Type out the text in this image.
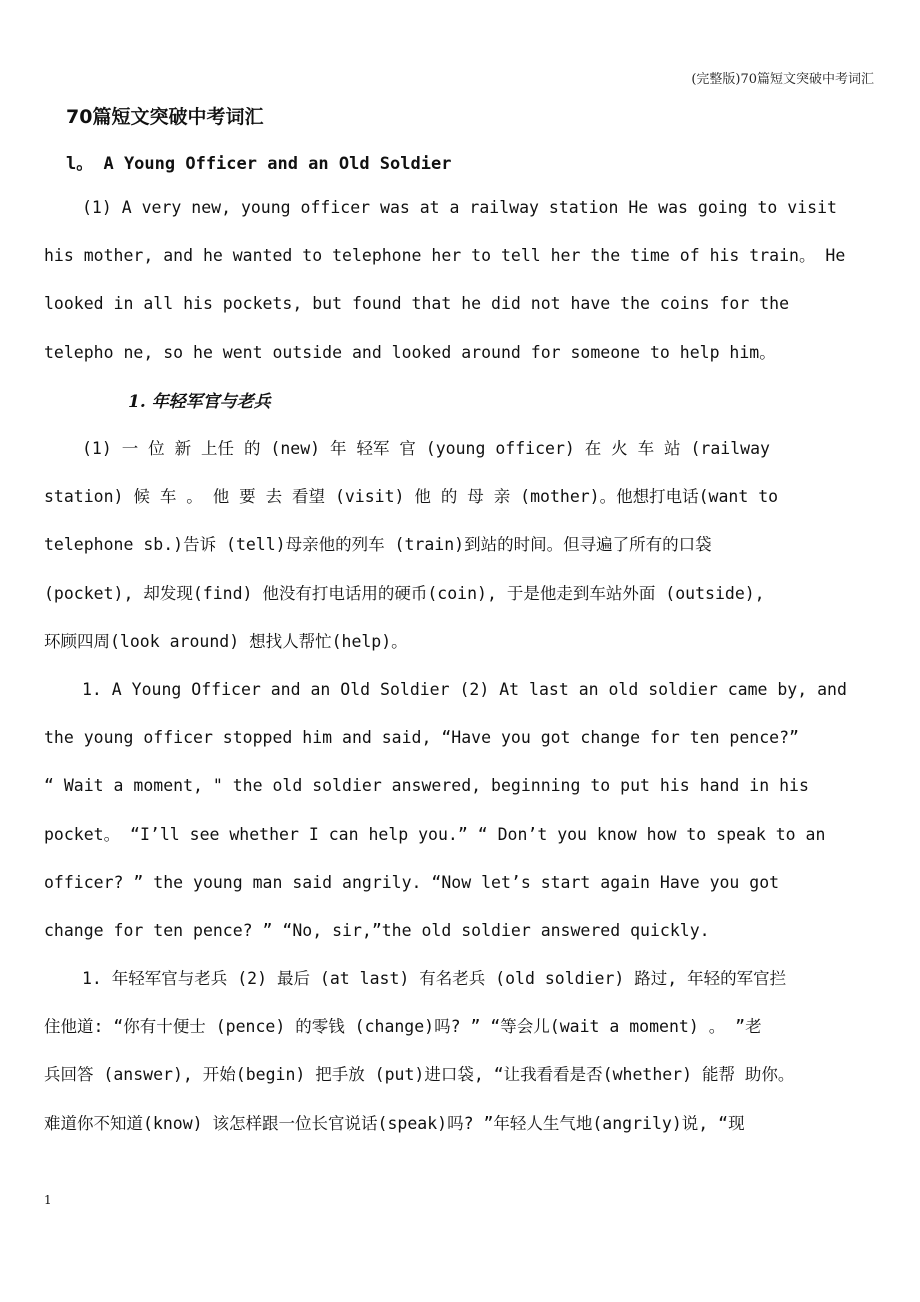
(完整版)70篇短文突破中考词汇
70篇短文突破中考词汇
l。 A Young Officer and an Old Soldier
(1) A very new, young officer was at a railway station He was going to visit
his mother, and he wanted to telephone her to tell her the time of his train。 He
looked in all his pockets, but found that he did not have the coins for the
telepho ne, so he went outside and looked around for someone to help him。
1. 年轻军官与老兵
(1) 一 位 新 上任 的 (new) 年 轻军 官 (young officer) 在 火 车 站 (railway
station) 候 车 。 他 要 去 看望 (visit) 他 的 母 亲 (mother)。他想打电话(want to
telephone sb.)告诉 (tell)母亲他的列车 (train)到站的时间。但寻遍了所有的口袋
(pocket), 却发现(find) 他没有打电话用的硬币(coin), 于是他走到车站外面 (outside),
环顾四周(look around) 想找人帮忙(help)。
1. A Young Officer and an Old Soldier (2) At last an old soldier came by, and
the young officer stopped him and said, “Have you got change for ten pence?”
“ Wait a moment, " the old soldier answered, beginning to put his hand in his
pocket。 “I’ll see whether I can help you.” “ Don’t you know how to speak to an
officer? ” the young man said angrily. “Now let’s start again Have you got
change for ten pence? ” “No, sir,”the old soldier answered quickly.
1. 年轻军官与老兵 (2) 最后 (at last) 有名老兵 (old soldier) 路过, 年轻的军官拦
住他道: “你有十便士 (pence) 的零钱 (change)吗? ” “等会儿(wait a moment) 。 ”老
兵回答 (answer), 开始(begin) 把手放 (put)进口袋, “让我看看是否(whether) 能帮 助你。
难道你不知道(know) 该怎样跟一位长官说话(speak)吗? ”年轻人生气地(angrily)说, “现
1
